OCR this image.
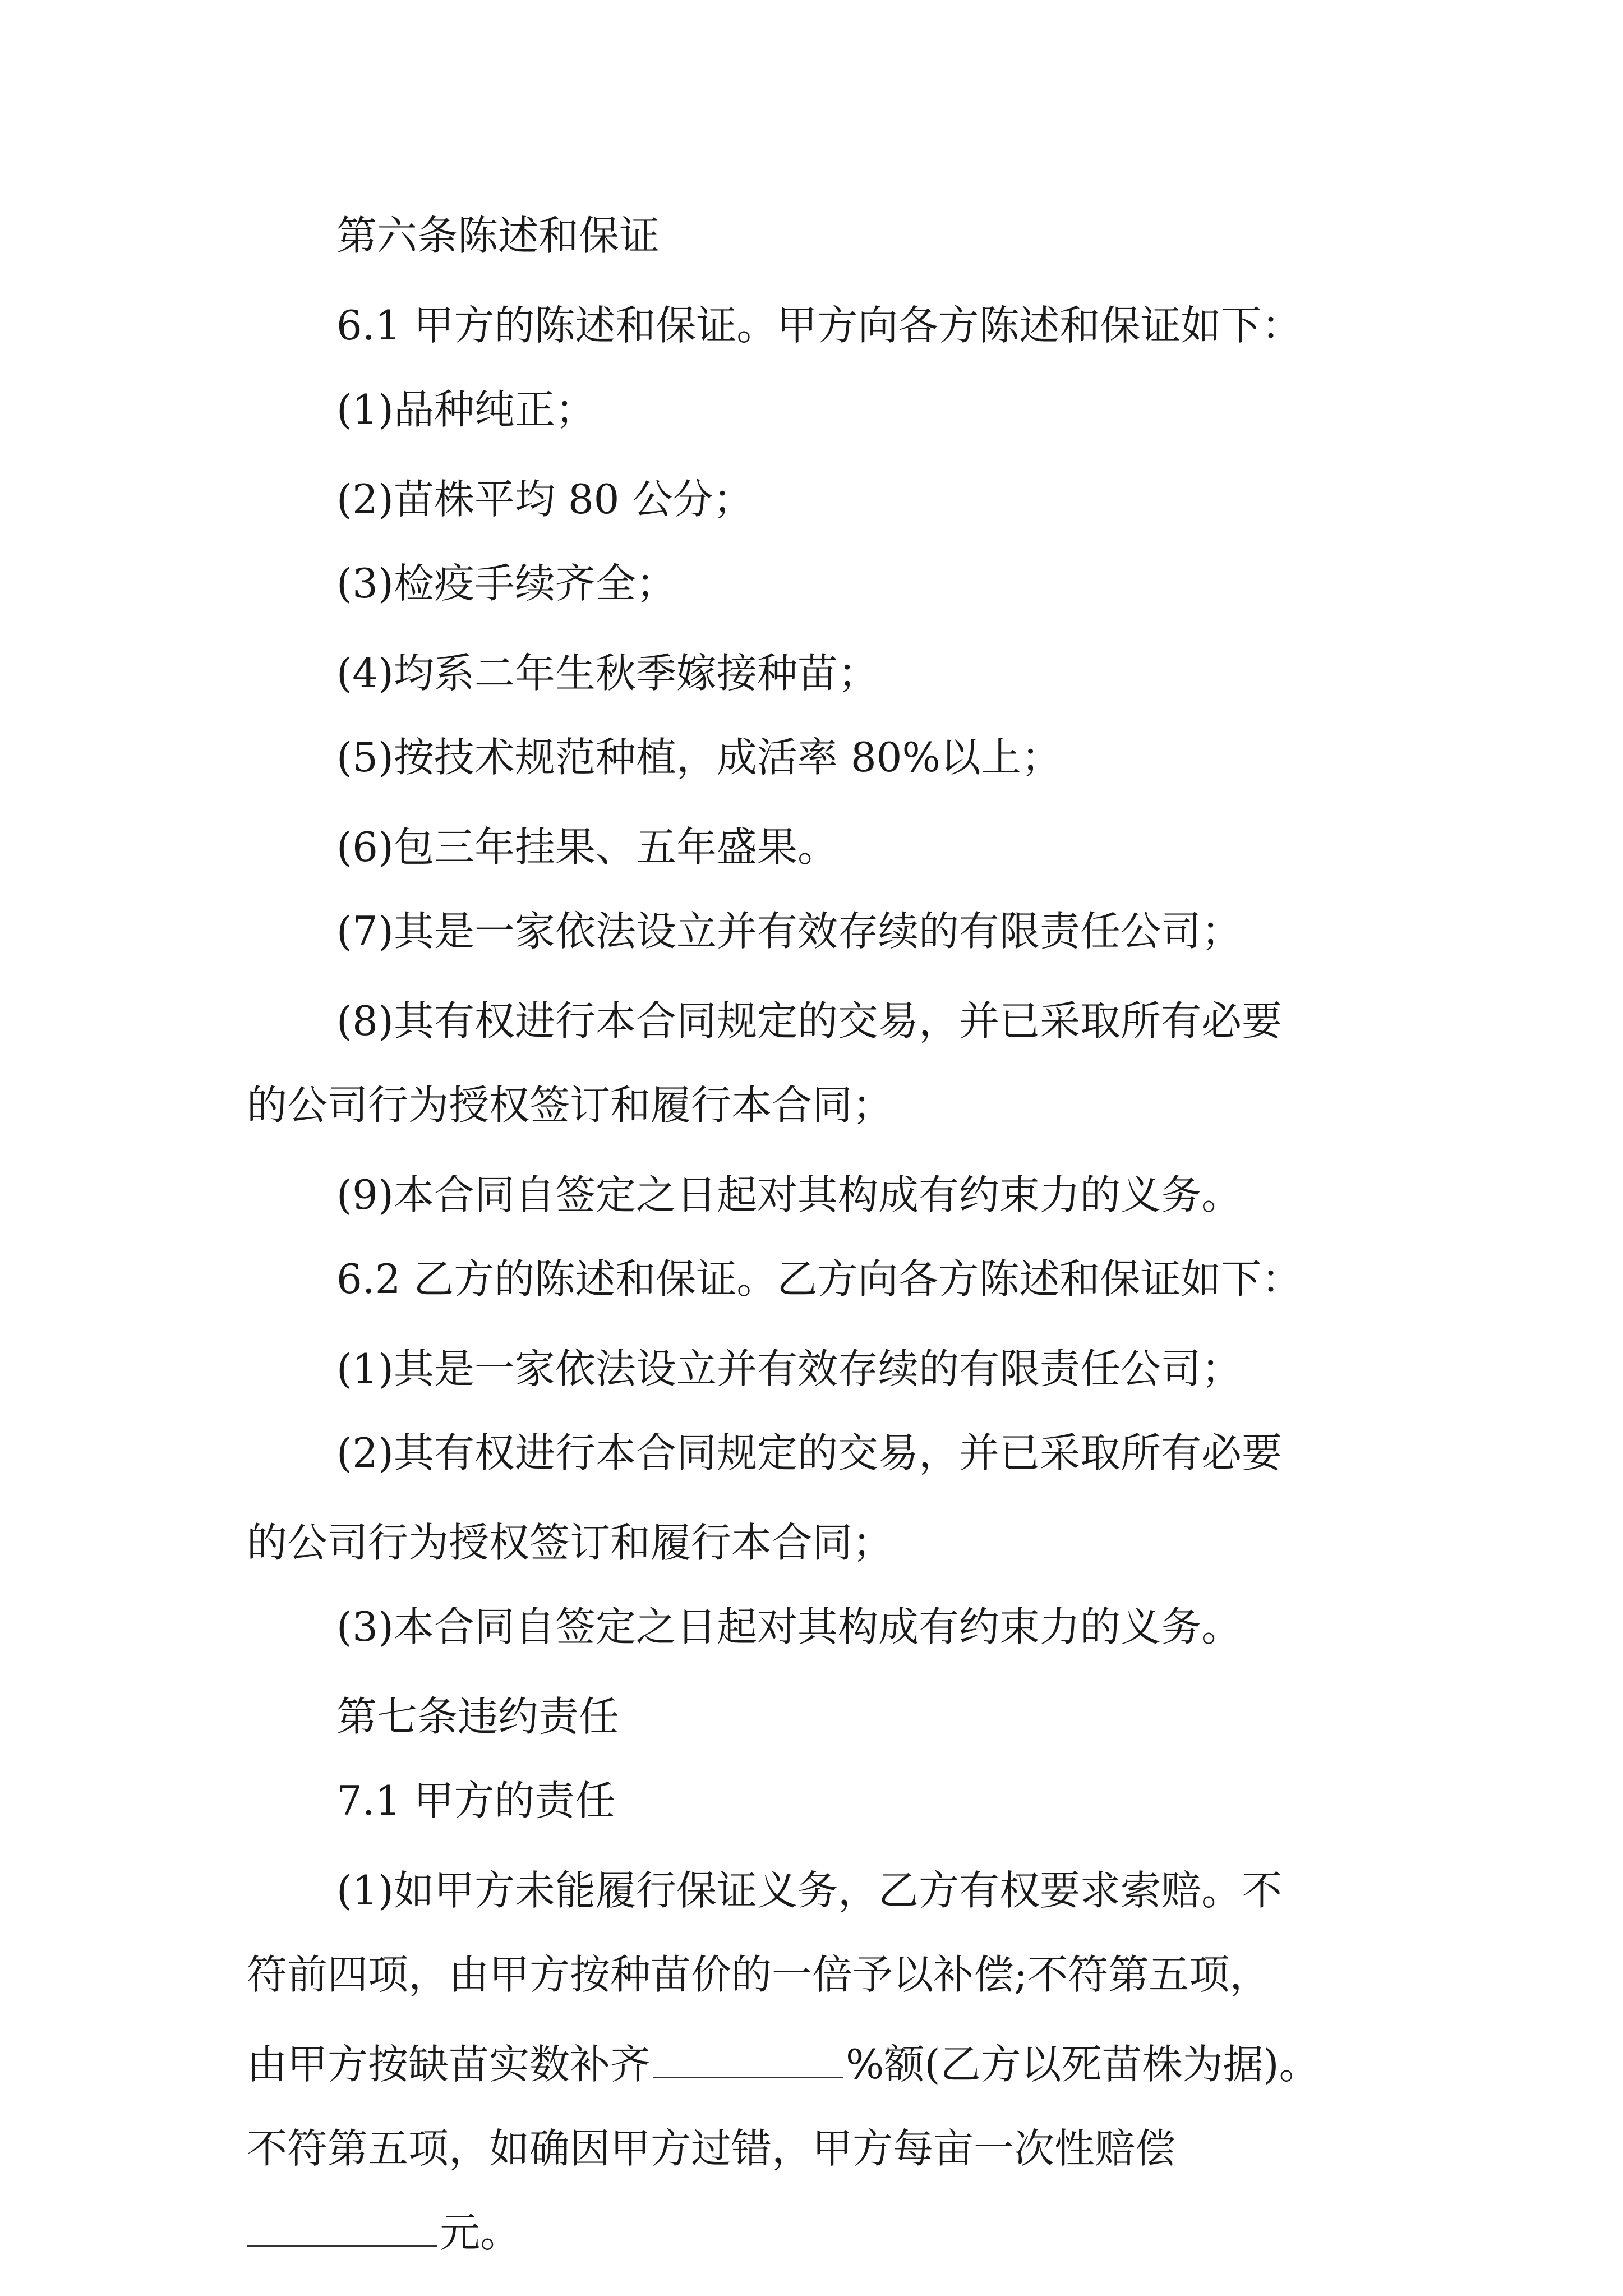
第六条陈述和保证

6.1 甲方的陈述和保证。甲方向各方陈述和保证如下：

(1)品种纯正；

(2)苗株平均 80 公分；

(3)检疫手续齐全；

(4)均系二年生秋季嫁接种苗；

(5)按技术规范种植，成活率 80%以上；

(6)包三年挂果、五年盛果。

(7)其是一家依法设立并有效存续的有限责任公司；

(8)其有权进行本合同规定的交易，并已采取所有必要

的公司行为授权签订和履行本合同；

(9)本合同自签定之日起对其构成有约束力的义务。

6.2 乙方的陈述和保证。乙方向各方陈述和保证如下：

(1)其是一家依法设立并有效存续的有限责任公司；

(2)其有权进行本合同规定的交易，并已采取所有必要

的公司行为授权签订和履行本合同；

(3)本合同自签定之日起对其构成有约束力的义务。

第七条违约责任

7.1 甲方的责任

(1)如甲方未能履行保证义务，乙方有权要求索赔。不

符前四项，由甲方按种苗价的一倍予以补偿;不符第五项，

由甲方按缺苗实数补齐	%额(乙方以死苗株为据)。

不符第五项，如确因甲方过错，甲方每亩一次性赔偿

元。
